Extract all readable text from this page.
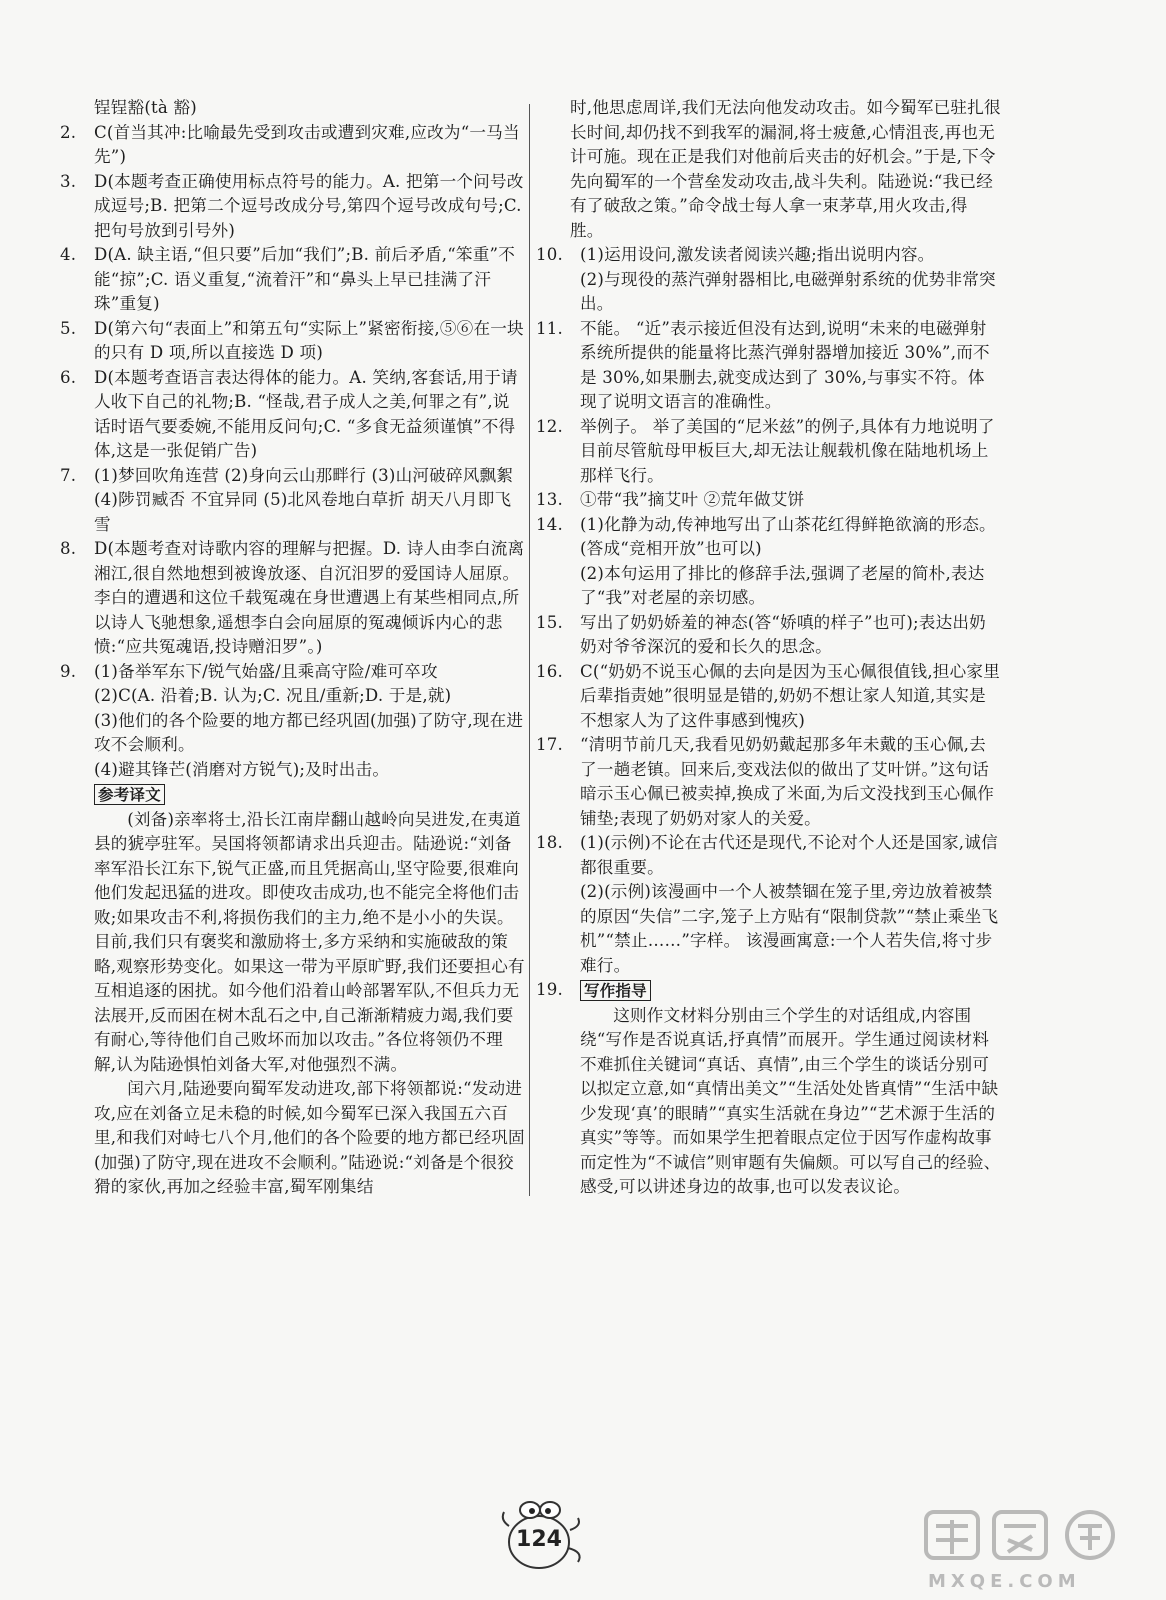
锃锃豁(tà 豁)
2.	C(首当其冲:比喻最先受到攻击或遭到灾难,应改为“一马当先”)
3.	D(本题考查正确使用标点符号的能力。A. 把第一个问号改成逗号;B. 把第二个逗号改成分号,第四个逗号改成句号;C. 把句号放到引号外)
4.	D(A. 缺主语,“但只要”后加“我们”;B. 前后矛盾,“笨重”不能“掠”;C. 语义重复,“流着汗”和“鼻头上早已挂满了汗珠”重复)
5.	D(第六句“表面上”和第五句“实际上”紧密衔接,⑤⑥在一块的只有 D 项,所以直接选 D 项)
6.	D(本题考查语言表达得体的能力。A. 笑纳,客套话,用于请人收下自己的礼物;B. “怪哉,君子成人之美,何罪之有”,说话时语气要委婉,不能用反问句;C. “多食无益须谨慎”不得体,这是一张促销广告)
7.	(1)梦回吹角连营 (2)身向云山那畔行 (3)山河破碎风飘絮 (4)陟罚臧否 不宜异同 (5)北风卷地白草折 胡天八月即飞雪
8.	D(本题考查对诗歌内容的理解与把握。D. 诗人由李白流离湘江,很自然地想到被谗放逐、自沉汨罗的爱国诗人屈原。李白的遭遇和这位千载冤魂在身世遭遇上有某些相同点,所以诗人飞驰想象,遥想李白会向屈原的冤魂倾诉内心的悲愤:“应共冤魂语,投诗赠汨罗”。)
9.	(1)备举军东下/锐气始盛/且乘高守险/难可卒攻
(2)C(A. 沿着;B. 认为;C. 况且/重新;D. 于是,就)
(3)他们的各个险要的地方都已经巩固(加强)了防守,现在进攻不会顺利。
(4)避其锋芒(消磨对方锐气);及时出击。
参考译文
(刘备)亲率将士,沿长江南岸翻山越岭向吴进发,在夷道县的猇亭驻军。吴国将领都请求出兵迎击。陆逊说:“刘备率军沿长江东下,锐气正盛,而且凭据高山,坚守险要,很难向他们发起迅猛的进攻。即使攻击成功,也不能完全将他们击败;如果攻击不利,将损伤我们的主力,绝不是小小的失误。目前,我们只有褒奖和激励将士,多方采纳和实施破敌的策略,观察形势变化。如果这一带为平原旷野,我们还要担心有互相追逐的困扰。如今他们沿着山岭部署军队,不但兵力无法展开,反而困在树木乱石之中,自己渐渐精疲力竭,我们要有耐心,等待他们自己败坏而加以攻击。”各位将领仍不理解,认为陆逊惧怕刘备大军,对他强烈不满。
闰六月,陆逊要向蜀军发动进攻,部下将领都说:“发动进攻,应在刘备立足未稳的时候,如今蜀军已深入我国五六百里,和我们对峙七八个月,他们的各个险要的地方都已经巩固(加强)了防守,现在进攻不会顺利。”陆逊说:“刘备是个很狡猾的家伙,再加之经验丰富,蜀军刚集结
时,他思虑周详,我们无法向他发动攻击。如今蜀军已驻扎很长时间,却仍找不到我军的漏洞,将士疲惫,心情沮丧,再也无计可施。现在正是我们对他前后夹击的好机会。”于是,下令先向蜀军的一个营垒发动攻击,战斗失利。陆逊说:“我已经有了破敌之策。”命令战士每人拿一束茅草,用火攻击,得胜。
10.	(1)运用设问,激发读者阅读兴趣;指出说明内容。
(2)与现役的蒸汽弹射器相比,电磁弹射系统的优势非常突出。
11.	不能。 “近”表示接近但没有达到,说明“未来的电磁弹射系统所提供的能量将比蒸汽弹射器增加接近 30%”,而不是 30%,如果删去,就变成达到了 30%,与事实不符。体现了说明文语言的准确性。
12.	举例子。 举了美国的“尼米兹”的例子,具体有力地说明了目前尽管航母甲板巨大,却无法让舰载机像在陆地机场上那样飞行。
13.	①带“我”摘艾叶 ②荒年做艾饼
14.	(1)化静为动,传神地写出了山茶花红得鲜艳欲滴的形态。(答成“竞相开放”也可以)
(2)本句运用了排比的修辞手法,强调了老屋的简朴,表达了“我”对老屋的亲切感。
15.	写出了奶奶娇羞的神态(答“娇嗔的样子”也可);表达出奶奶对爷爷深沉的爱和长久的思念。
16.	C(“奶奶不说玉心佩的去向是因为玉心佩很值钱,担心家里后辈指责她”很明显是错的,奶奶不想让家人知道,其实是不想家人为了这件事感到愧疚)
17.	“清明节前几天,我看见奶奶戴起那多年未戴的玉心佩,去了一趟老镇。回来后,变戏法似的做出了艾叶饼。”这句话暗示玉心佩已被卖掉,换成了米面,为后文没找到玉心佩作铺垫;表现了奶奶对家人的关爱。
18.	(1)(示例)不论在古代还是现代,不论对个人还是国家,诚信都很重要。
(2)(示例)该漫画中一个人被禁锢在笼子里,旁边放着被禁的原因“失信”二字,笼子上方贴有“限制贷款”“禁止乘坐飞机”“禁止……”字样。 该漫画寓意:一个人若失信,将寸步难行。
19.	写作指导
这则作文材料分别由三个学生的对话组成,内容围绕“写作是否说真话,抒真情”而展开。学生通过阅读材料不难抓住关键词“真话、真情”,由三个学生的谈话分别可以拟定立意,如“真情出美文”“生活处处皆真情”“生活中缺少发现‘真’的眼睛”“真实生活就在身边”“艺术源于生活的真实”等等。而如果学生把着眼点定位于因写作虚构故事而定性为“不诚信”则审题有失偏颇。可以写自己的经验、感受,可以讲述身边的故事,也可以发表议论。
124
MXQE.COM
